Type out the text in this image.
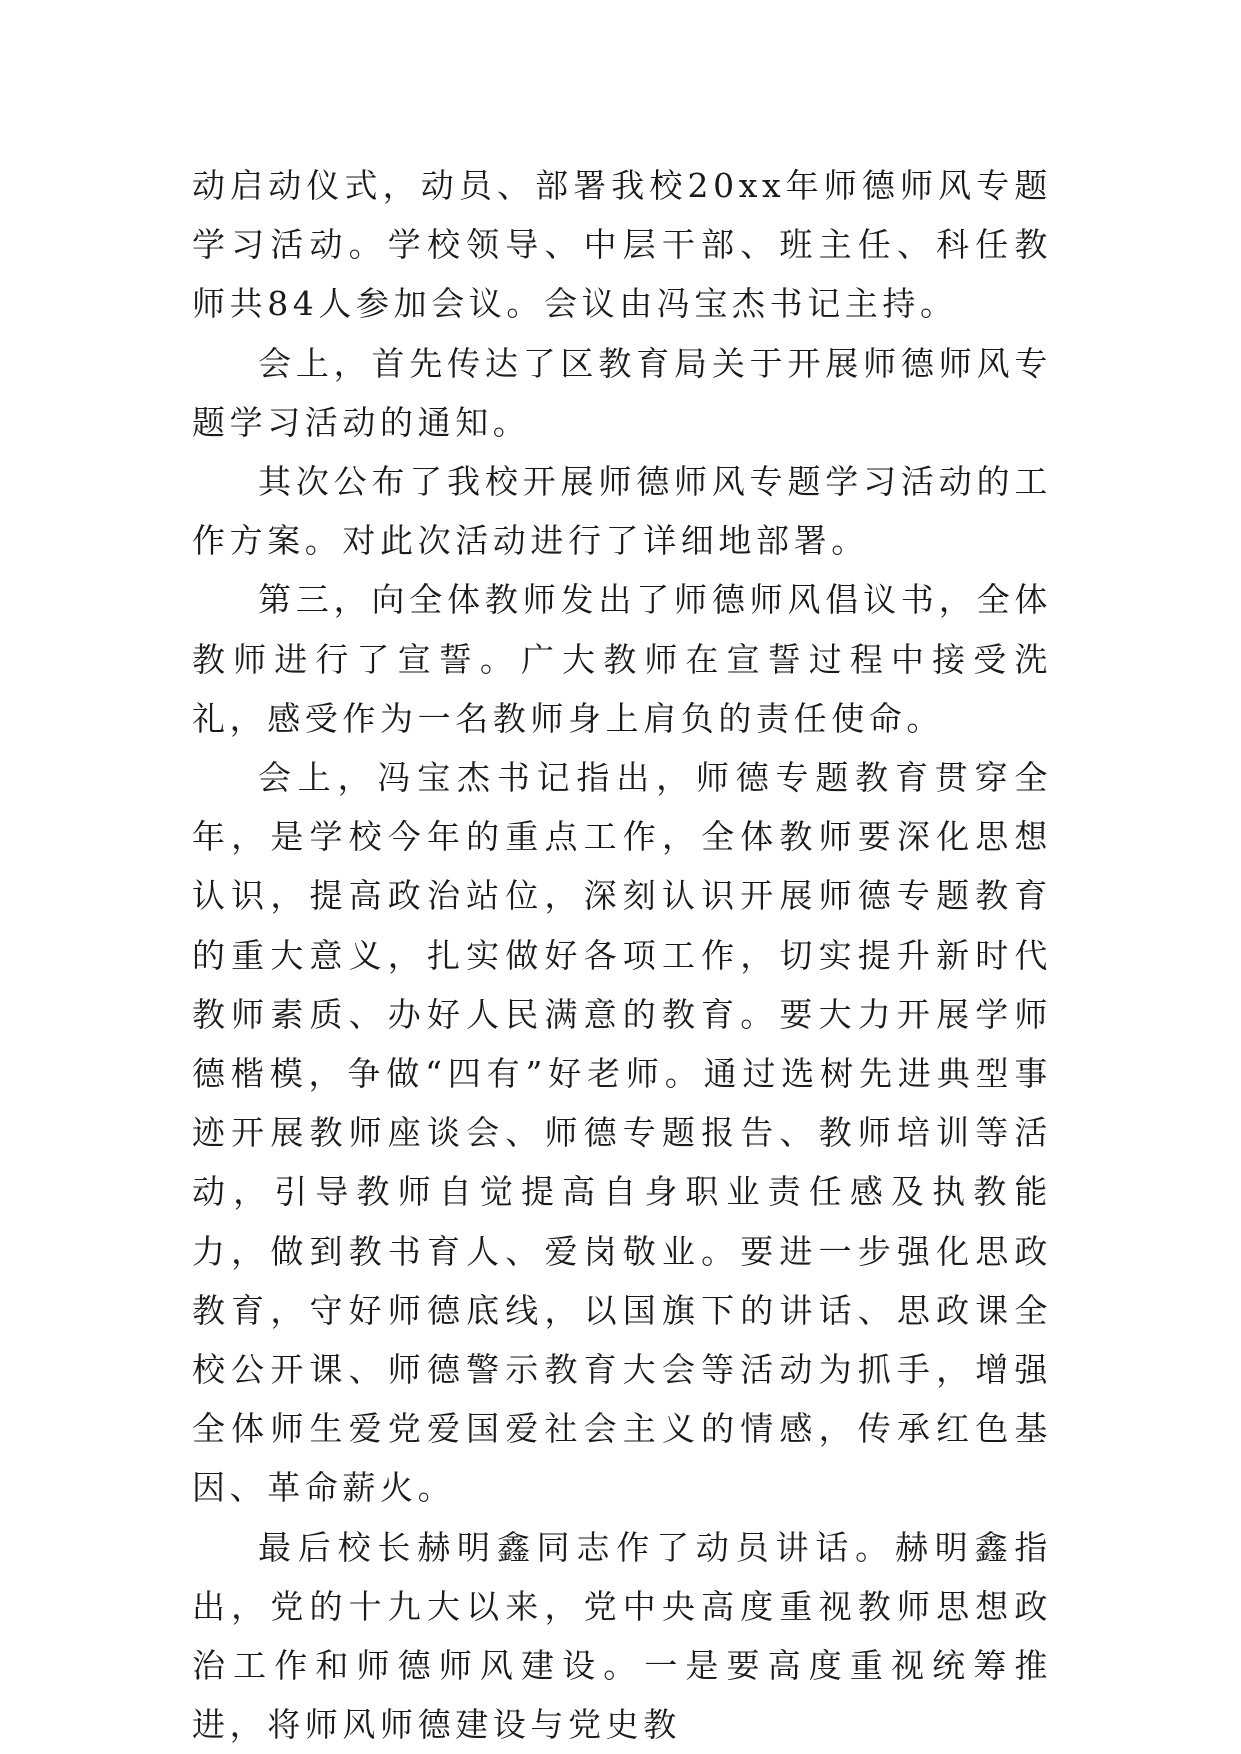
动启动仪式，动员、部署我校20xx年师德师风专题学习活动。学校领导、中层干部、班主任、科任教师共84人参加会议。会议由冯宝杰书记主持。

会上，首先传达了区教育局关于开展师德师风专题学习活动的通知。

其次公布了我校开展师德师风专题学习活动的工作方案。对此次活动进行了详细地部署。

第三，向全体教师发出了师德师风倡议书，全体教师进行了宣誓。广大教师在宣誓过程中接受洗礼，感受作为一名教师身上肩负的责任使命。

会上，冯宝杰书记指出，师德专题教育贯穿全年，是学校今年的重点工作，全体教师要深化思想认识，提高政治站位，深刻认识开展师德专题教育的重大意义，扎实做好各项工作，切实提升新时代教师素质、办好人民满意的教育。要大力开展学师德楷模，争做“四有”好老师。通过选树先进典型事迹开展教师座谈会、师德专题报告、教师培训等活动，引导教师自觉提高自身职业责任感及执教能力，做到教书育人、爱岗敬业。要进一步强化思政教育，守好师德底线，以国旗下的讲话、思政课全校公开课、师德警示教育大会等活动为抓手，增强全体师生爱党爱国爱社会主义的情感，传承红色基因、革命薪火。

最后校长赫明鑫同志作了动员讲话。赫明鑫指出，党的十九大以来，党中央高度重视教师思想政治工作和师德师风建设。一是要高度重视统筹推进，将师风师德建设与党史教
